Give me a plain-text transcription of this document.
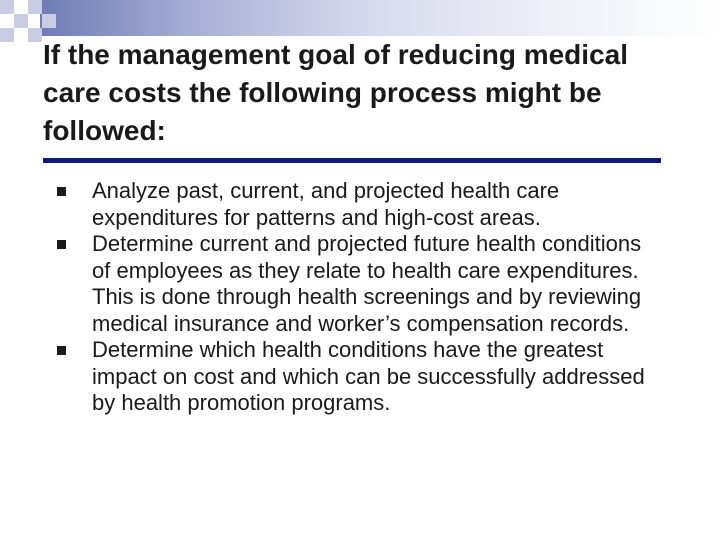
If the management goal of reducing medical care costs the following process might be followed:
Analyze past, current, and projected health care expenditures for patterns and high-cost areas.
Determine current and projected future health conditions of employees as they relate to health care expenditures. This is done through health screenings and by reviewing medical insurance and worker’s compensation records.
Determine which health conditions have the greatest impact on cost and which can be successfully addressed by health promotion programs.
